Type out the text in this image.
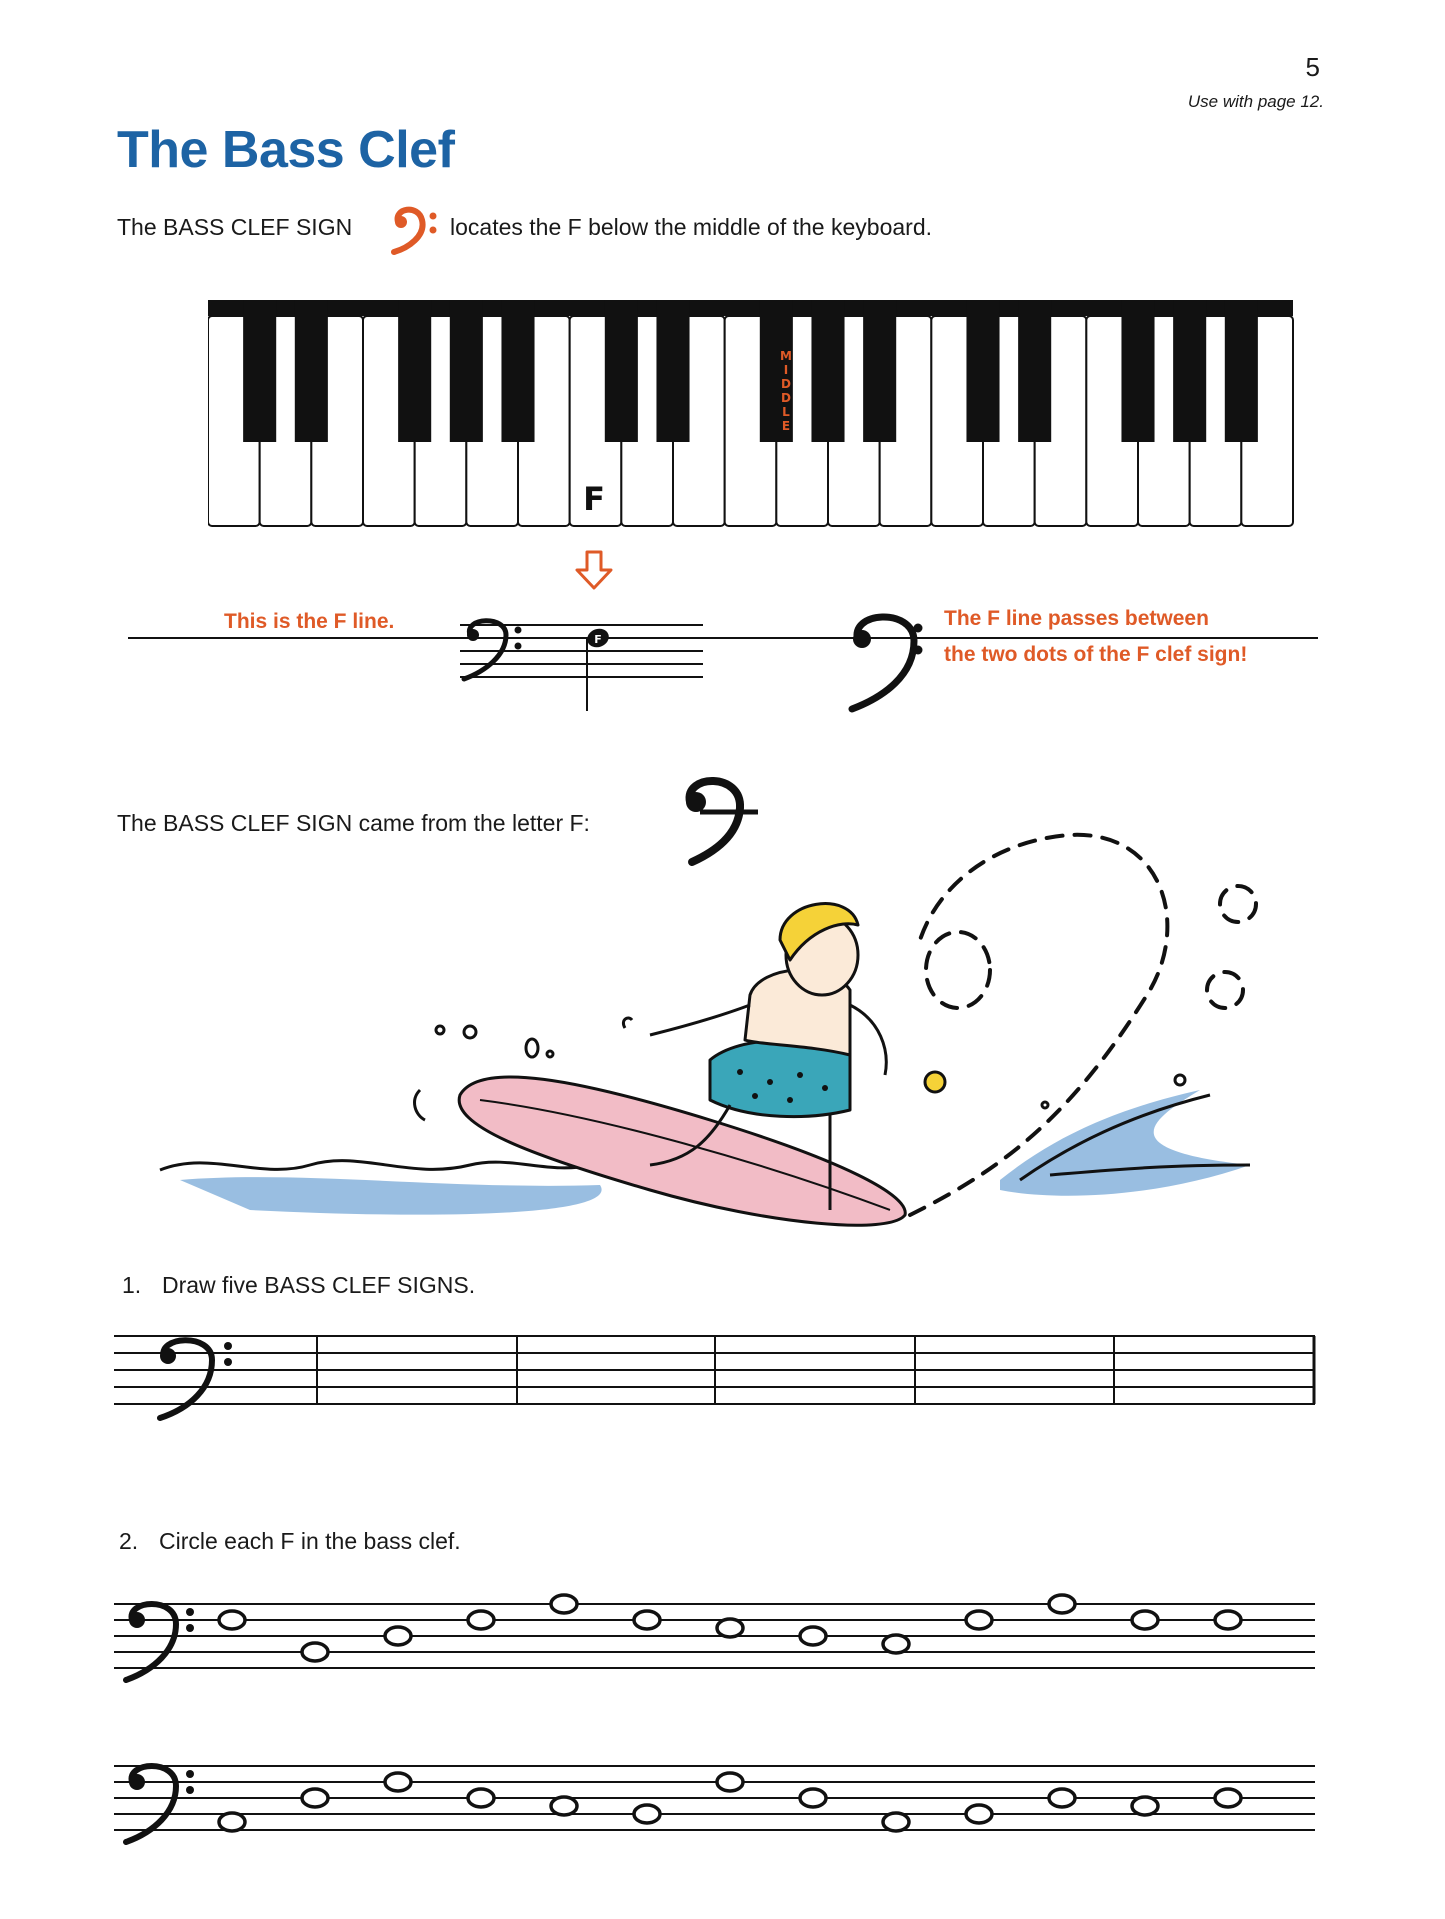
5
Use with page 12.
The Bass Clef
The BASS CLEF SIGN	locates the F below the middle of the keyboard.
F
M
I
D
D
L
E
F
This is the F line.	The F line passes between
the two dots of the F clef sign!
The BASS CLEF SIGN came from the letter F:
1. Draw five BASS CLEF SIGNS.
2. Circle each F in the bass clef.
